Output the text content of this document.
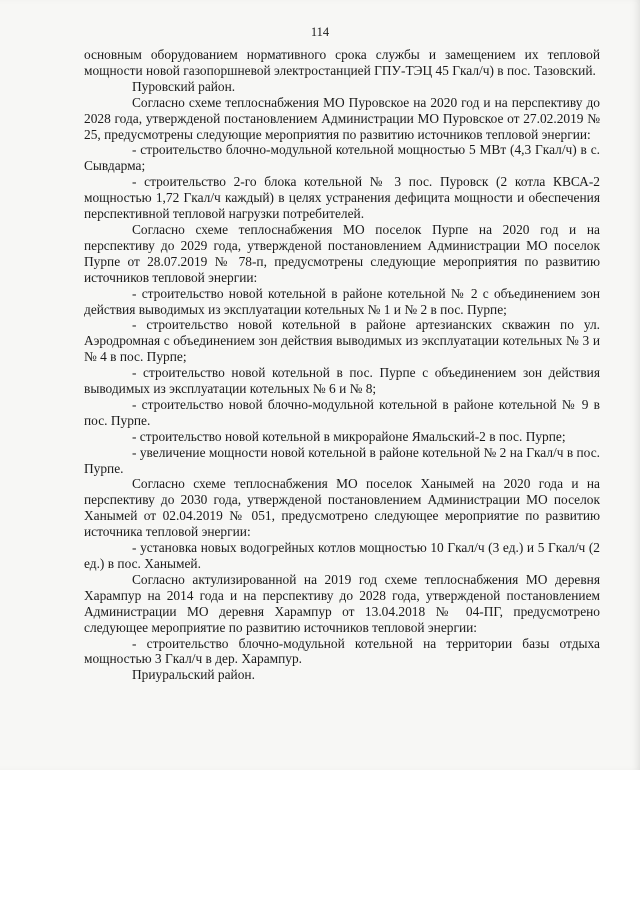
114

основным оборудованием нормативного срока службы и замещением их тепловой мощности новой газопоршневой электростанцией ГПУ-ТЭЦ 45 Гкал/ч) в пос. Тазовский.

Пуровский район.

Согласно схеме теплоснабжения МО Пуровское на 2020 год и на перспективу до 2028 года, утвержденой постановлением Администрации МО Пуровское от 27.02.2019 № 25, предусмотрены следующие мероприятия по развитию источников тепловой энергии:

- строительство блочно-модульной котельной мощностью 5 МВт (4,3 Гкал/ч) в с. Сывдарма;

- строительство 2-го блока котельной № 3 пос. Пуровск (2 котла КВСА-2 мощностью 1,72 Гкал/ч каждый) в целях устранения дефицита мощности и обеспечения перспективной тепловой нагрузки потребителей.

Согласно схеме теплоснабжения МО поселок Пурпе на 2020 год и на перспективу до 2029 года, утвержденой постановлением Администрации МО поселок Пурпе от 28.07.2019 № 78-п, предусмотрены следующие мероприятия по развитию источников тепловой энергии:

- строительство новой котельной в районе котельной № 2 с объединением зон действия выводимых из эксплуатации котельных № 1 и № 2 в пос. Пурпе;

- строительство новой котельной в районе артезианских скважин по ул. Аэродромная с объединением зон действия выводимых из эксплуатации котельных № 3 и № 4 в пос. Пурпе;

- строительство новой котельной в пос. Пурпе с объединением зон действия выводимых из эксплуатации котельных № 6 и № 8;

- строительство новой блочно-модульной котельной в районе котельной № 9 в пос. Пурпе.

- строительство новой котельной в микрорайоне Ямальский-2 в пос. Пурпе;

- увеличение мощности новой котельной в районе котельной № 2 на Гкал/ч в пос. Пурпе.

Согласно схеме теплоснабжения МО поселок Ханымей на 2020 года и на перспективу до 2030 года, утвержденой постановлением Администрации МО поселок Ханымей от 02.04.2019 № 051, предусмотрено следующее мероприятие по развитию источника тепловой энергии:

- установка новых водогрейных котлов мощностью 10 Гкал/ч (3 ед.) и 5 Гкал/ч (2 ед.) в пос. Ханымей.

Согласно актулизированной на 2019 год схеме теплоснабжения МО деревня Харампур на 2014 года и на перспективу до 2028 года, утвержденой постановлением Администрации МО деревня Харампур от 13.04.2018 № 04-ПГ, предусмотрено следующее мероприятие по развитию источников тепловой энергии:

- строительство блочно-модульной котельной на территории базы отдыха мощностью 3 Гкал/ч в дер. Харампур.

Приуральский район.
